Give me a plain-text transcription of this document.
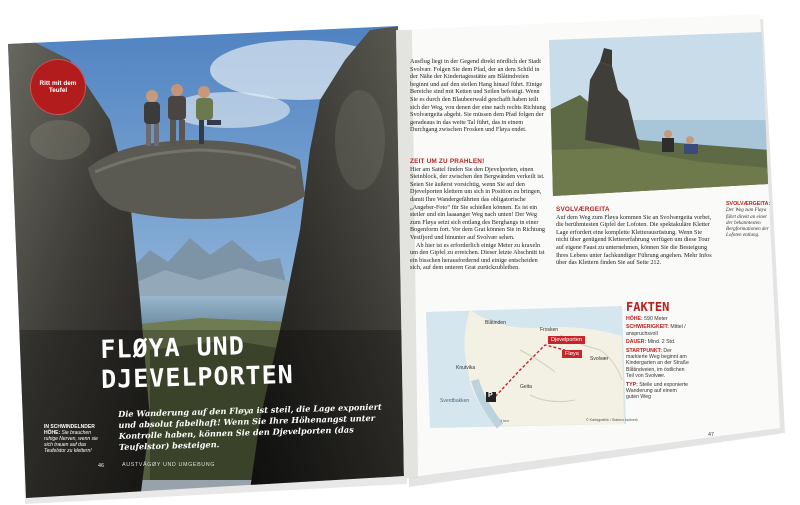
Ritt mit dem Teufel
FLØYA UND
DJEVELPORTEN

Die Wanderung auf den Fløya ist steil, die Lage exponiert und absolut fabelhaft! Wenn Sie Ihre Höhenangst unter Kontrolle haben, können Sie den Djevelporten (das Teufelstor) besteigen.

IN SCHWINDELNDER HÖHE: Sie brauchen ruhige Nerven, wenn sie sich trauen auf das Teufelstor zu klettern!
46	AUSTVÅGØY UND UMGEBUNG

Ausflug liegt in der Gegend direkt nördlich der Stadt Svolvær. Folgen Sie dem Pfad, der an dem Schild in der Nähe der Kindertagesstätte am Blåtindveien beginnt und auf den steilen Hang hinauf führt. Einige Bereiche sind mit Ketten und Seilen befestigt. Wenn Sie es durch den Blaubeerwald geschafft haben teilt sich der Weg, von denen der eine nach rechts Richtung Svolværgeita abgeht. Sie müssen dem Pfad folgen der geradeaus in das weite Tal führt, das in einem Durchgang zwischen Frosken und Fløya endet.

ZEIT UM ZU PRAHLEN!

Hier am Sattel finden Sie den Djevelporten, einen Steinblock, der zwischen den Bergwänden verkeilt ist. Seien Sie äußerst vorsichtig, wenn Sie auf den Djevelporten klettern um sich in Position zu bringen, damit Ihre Wandergefährten das obligatorische „Angeber-Foto“ für Sie schießen können. Es ist ein steiler und ein laaaanger Weg nach unten! Der Weg zum Fløya setzt sich entlang des Berghangs in einer Bogenform fort. Vor dem Grat können Sie in Richtung Vestfjord und hinunter auf Svolvær sehen.

Ab hier ist es erforderlich einige Meter zu kraxeln um den Gipfel zu erreichen. Dieser letzte Abschnitt ist ein bisschen herausfordernd und einige entscheiden sich, auf dem unteren Grat zurückzubleiben.

SVOLVÆRGEITA

Auf dem Weg zum Fløya kommen Sie an Svolværgeita vorbei, die berühmtesten Gipfel der Lofoten. Die spektakuläre Kletter Lage erfordert eine komplette Kletterausrüstung. Wenn Sie nicht über genügend Klettererfahrung verfügen um diese Tour auf eigene Faust zu unternehmen, können Sie die Besteigung Ihres Lebens unter fachkundiger Führung angehen. Mehr Infos über das Klettern finden Sie auf Seite 212.

SVOLVÆRGEITA: Der Weg zum Fløya führt direkt an einer der bekanntesten Bergformationen der Lofoten entlang.
Blåtinden
Frosken
Djevelporten
Fløya
Knutvika
Geita
Sverdbakken
Svolvær
P
1 km	© Kartagrafikk / Statens kartverk
FAKTEN
HÖHE: 590 Meter
SCHWIERIGKEIT: Mittel / anspruchsvoll
DAUER: Mind. 2 Std.
STARTPUNKT: Der markierte Weg beginnt am Kindergarten an der Straße Blåtindveien, im östlichen Teil von Svolvær.
TYP: Steile und exponierte Wanderung auf einem guten Weg
47
